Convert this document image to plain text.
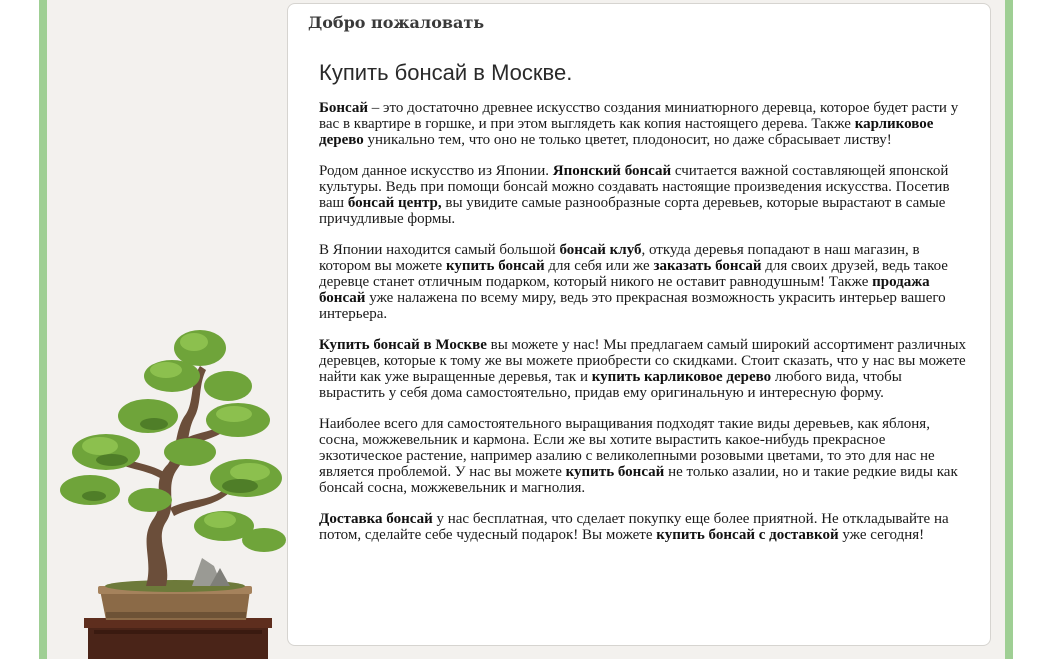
Добро пожаловать
Купить бонсай в Москве.

Бонсай – это достаточно древнее искусство создания миниатюрного деревца, которое будет расти у вас в квартире в горшке, и при этом выглядеть как копия настоящего дерева. Также карликовое дерево уникально тем, что оно не только цветет, плодоносит, но даже сбрасывает листву!

Родом данное искусство из Японии. Японский бонсай считается важной составляющей японской культуры. Ведь при помощи бонсай можно создавать настоящие произведения искусства. Посетив ваш бонсай центр, вы увидите самые разнообразные сорта деревьев, которые вырастают в самые причудливые формы.

В Японии находится самый большой бонсай клуб, откуда деревья попадают в наш магазин, в котором вы можете купить бонсай для себя или же заказать бонсай для своих друзей, ведь такое деревце станет отличным подарком, который никого не оставит равнодушным! Также продажа бонсай уже налажена по всему миру, ведь это прекрасная возможность украсить интерьер вашего интерьера.

Купить бонсай в Москве вы можете у нас! Мы предлагаем самый широкий ассортимент различных деревцев, которые к тому же вы можете приобрести со скидками. Стоит сказать, что у нас вы можете найти как уже выращенные деревья, так и купить карликовое дерево любого вида, чтобы вырастить у себя дома самостоятельно, придав ему оригинальную и интересную форму.

Наиболее всего для самостоятельного выращивания подходят такие виды деревьев, как яблоня, сосна, можжевельник и кармона. Если же вы хотите вырастить какое-нибудь прекрасное экзотическое растение, например азалию с великолепными розовыми цветами, то это для нас не является проблемой. У нас вы можете купить бонсай не только азалии, но и такие редкие виды как бонсай сосна, можжевельник и магнолия.

Доставка бонсай у нас бесплатная, что сделает покупку еще более приятной. Не откладывайте на потом, сделайте себе чудесный подарок! Вы можете купить бонсай с доставкой уже сегодня!
